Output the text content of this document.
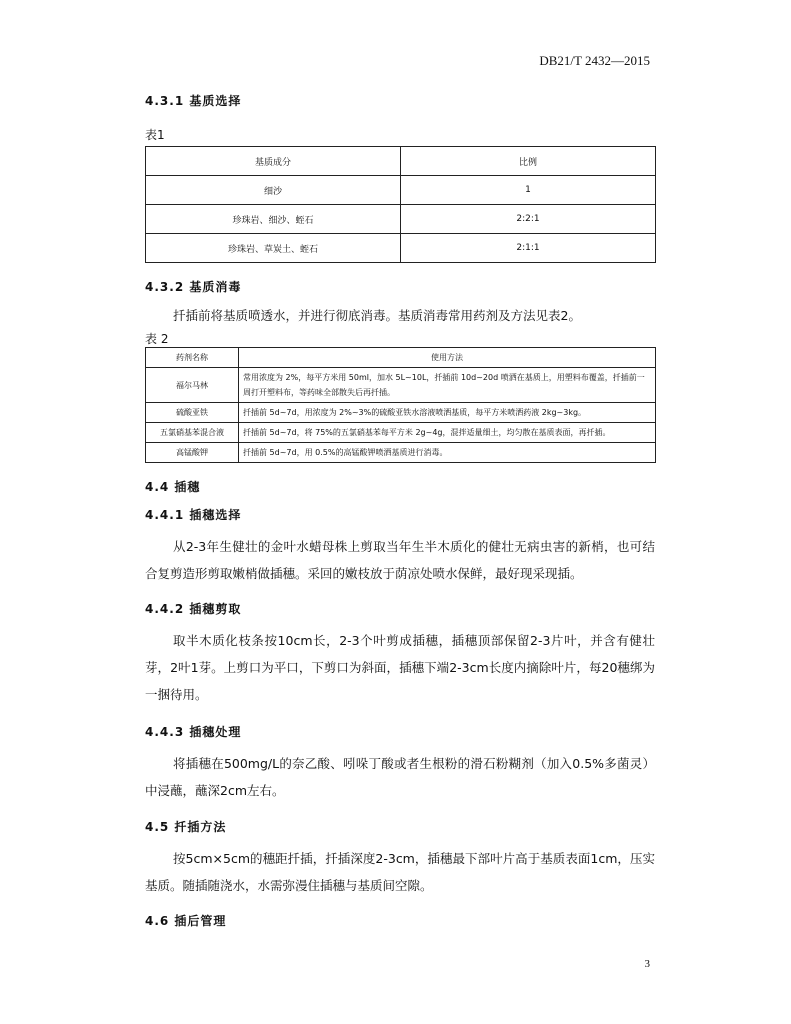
DB21/T 2432—2015
4.3.1 基质选择
表1
基质成分	比例
细沙	1
珍珠岩、细沙、蛭石	2:2:1
珍珠岩、草炭土、蛭石	2:1:1
4.3.2 基质消毒
扦插前将基质喷透水，并进行彻底消毒。基质消毒常用药剂及方法见表2。
表 2
药剂名称	使用方法
福尔马林	常用浓度为 2%，每平方米用 50ml，加水 5L~10L，扦插前 10d~20d 喷洒在基质上，用塑料布覆盖，扦插前一周打开塑料布，等药味全部散失后再扦插。
硫酸亚铁	扦插前 5d~7d，用浓度为 2%~3%的硫酸亚铁水溶液喷洒基质，每平方米喷洒药液 2kg~3kg。
五氯硝基苯混合液	扦插前 5d~7d，将 75%的五氯硝基苯每平方米 2g~4g，混拌适量细土，均匀散在基质表面，再扦插。
高锰酸钾	扦插前 5d~7d，用 0.5%的高锰酸钾喷洒基质进行消毒。
4.4 插穗
4.4.1 插穗选择
从2-3年生健壮的金叶水蜡母株上剪取当年生半木质化的健壮无病虫害的新梢，也可结合复剪造形剪取嫩梢做插穗。采回的嫩枝放于荫凉处喷水保鲜，最好现采现插。
4.4.2 插穗剪取
取半木质化枝条按10cm长，2-3个叶剪成插穗，插穗顶部保留2-3片叶，并含有健壮芽，2叶1芽。上剪口为平口，下剪口为斜面，插穗下端2-3cm长度内摘除叶片，每20穗绑为一捆待用。
4.4.3 插穗处理
将插穗在500mg/L的奈乙酸、吲哚丁酸或者生根粉的滑石粉糊剂（加入0.5%多菌灵）中浸蘸，蘸深2cm左右。
4.5 扦插方法
按5cm×5cm的穗距扦插，扦插深度2-3cm，插穗最下部叶片高于基质表面1cm，压实基质。随插随浇水，水需弥漫住插穗与基质间空隙。
4.6 插后管理
3
